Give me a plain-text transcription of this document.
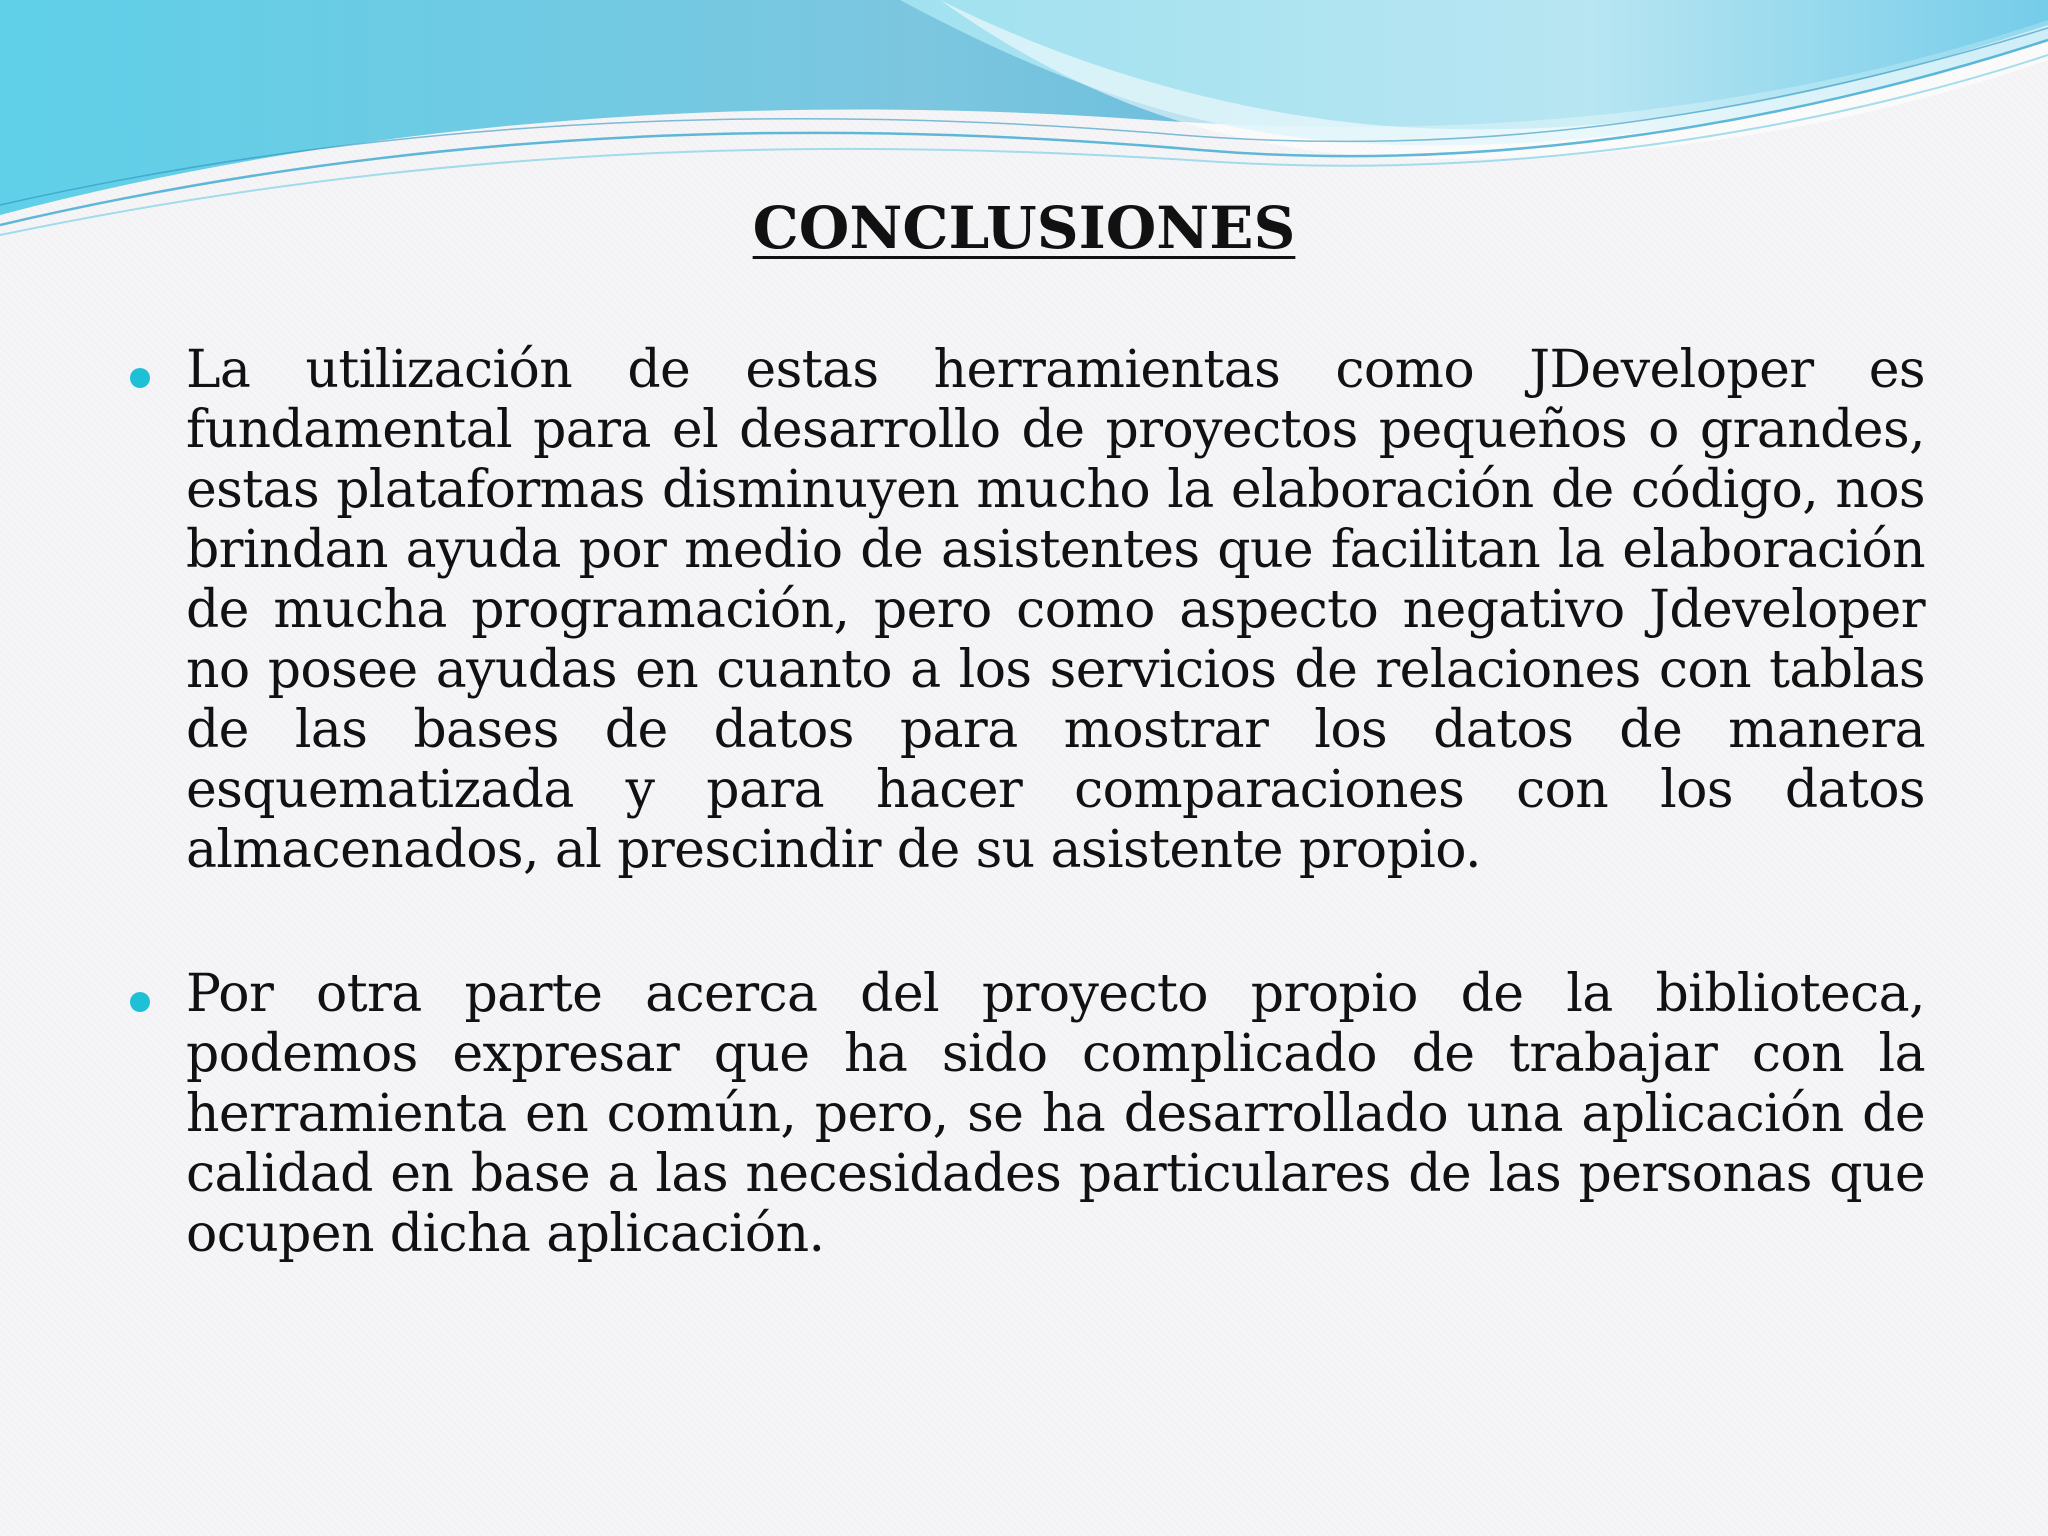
CONCLUSIONES
La utilización de estas herramientas como JDeveloper es fundamental para el desarrollo de proyectos pequeños o grandes, estas plataformas disminuyen mucho la elaboración de código, nos brindan ayuda por medio de asistentes que facilitan la elaboración de mucha programación, pero como aspecto negativo Jdeveloper no posee ayudas en cuanto a los servicios de relaciones con tablas de las bases de datos para mostrar los datos de manera esquematizada y para hacer comparaciones con los datos almacenados, al prescindir de su asistente propio.
Por otra parte acerca del proyecto propio de la biblioteca, podemos expresar que ha sido complicado de trabajar con la herramienta en común, pero, se ha desarrollado una aplicación de calidad en base a las necesidades particulares de las personas que ocupen dicha aplicación.
